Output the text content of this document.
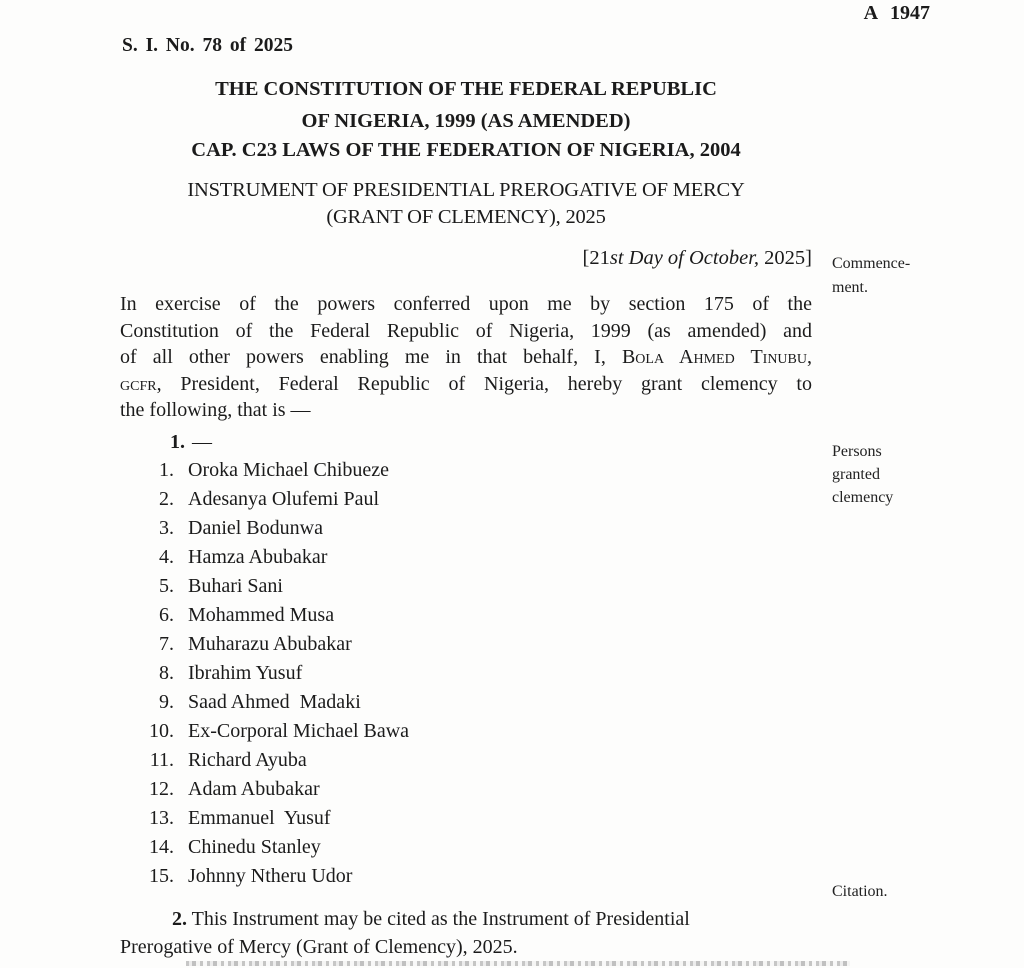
A 1947
S. I. No. 78 of 2025
THE CONSTITUTION OF THE FEDERAL REPUBLIC
OF NIGERIA, 1999 (AS AMENDED)
CAP. C23 LAWS OF THE FEDERATION OF NIGERIA, 2004
INSTRUMENT OF PRESIDENTIAL PREROGATIVE OF MERCY
(GRANT OF CLEMENCY), 2025
[21st Day of October, 2025] Commence-
ment.
In exercise of the powers conferred upon me by section 175 of the
Constitution of the Federal Republic of Nigeria, 1999 (as amended) and
of all other powers enabling me in that behalf, I, Bola Ahmed Tinubu,
gcfr, President, Federal Republic of Nigeria, hereby grant clemency to
the following, that is —
1. —	Persons
granted
clemency
1. Oroka Michael Chibueze
2. Adesanya Olufemi Paul
3. Daniel Bodunwa
4. Hamza Abubakar
5. Buhari Sani
6. Mohammed Musa
7. Muharazu Abubakar
8. Ibrahim Yusuf
9. Saad Ahmed  Madaki
10. Ex-Corporal Michael Bawa
11. Richard Ayuba
12. Adam Abubakar
13. Emmanuel  Yusuf
14. Chinedu Stanley
15. Johnny Ntheru Udor
Citation.
2. This Instrument may be cited as the Instrument of Presidential
Prerogative of Mercy (Grant of Clemency), 2025.
